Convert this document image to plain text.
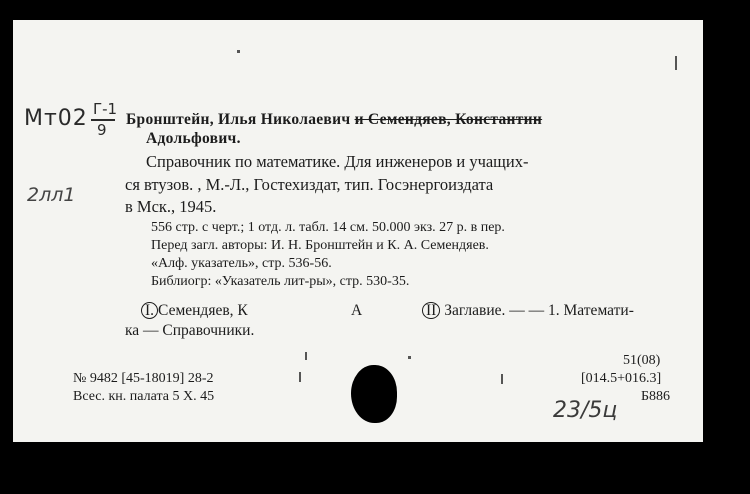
Мт02 Г-1
9
2лл1
Бронштейн, Илья Николаевич и Семендяев, Константин
Адольфович.
Справочник по математике. Для инженеров и учащих-
ся втузов. , М.-Л., Гостехиздат, тип. Госэнергоиздата
в Мск., 1945.
556 стр. с черт.; 1 отд. л. табл. 14 см. 50.000 экз. 27 р. в пер.
Перед загл. авторы: И. Н. Бронштейн и К. А. Семендяев.
«Алф. указатель», стр. 536-56.
Библиогр: «Указатель лит-ры», стр. 530-35.
I. Семендяев, К	А	II Заглавие. — — 1. Математи-
ка — Справочники.
№ 9482 [45-18019] 28-2
Всес. кн. палата 5 X. 45
51(08)
[014.5+016.3]
Б886
23/5ц
